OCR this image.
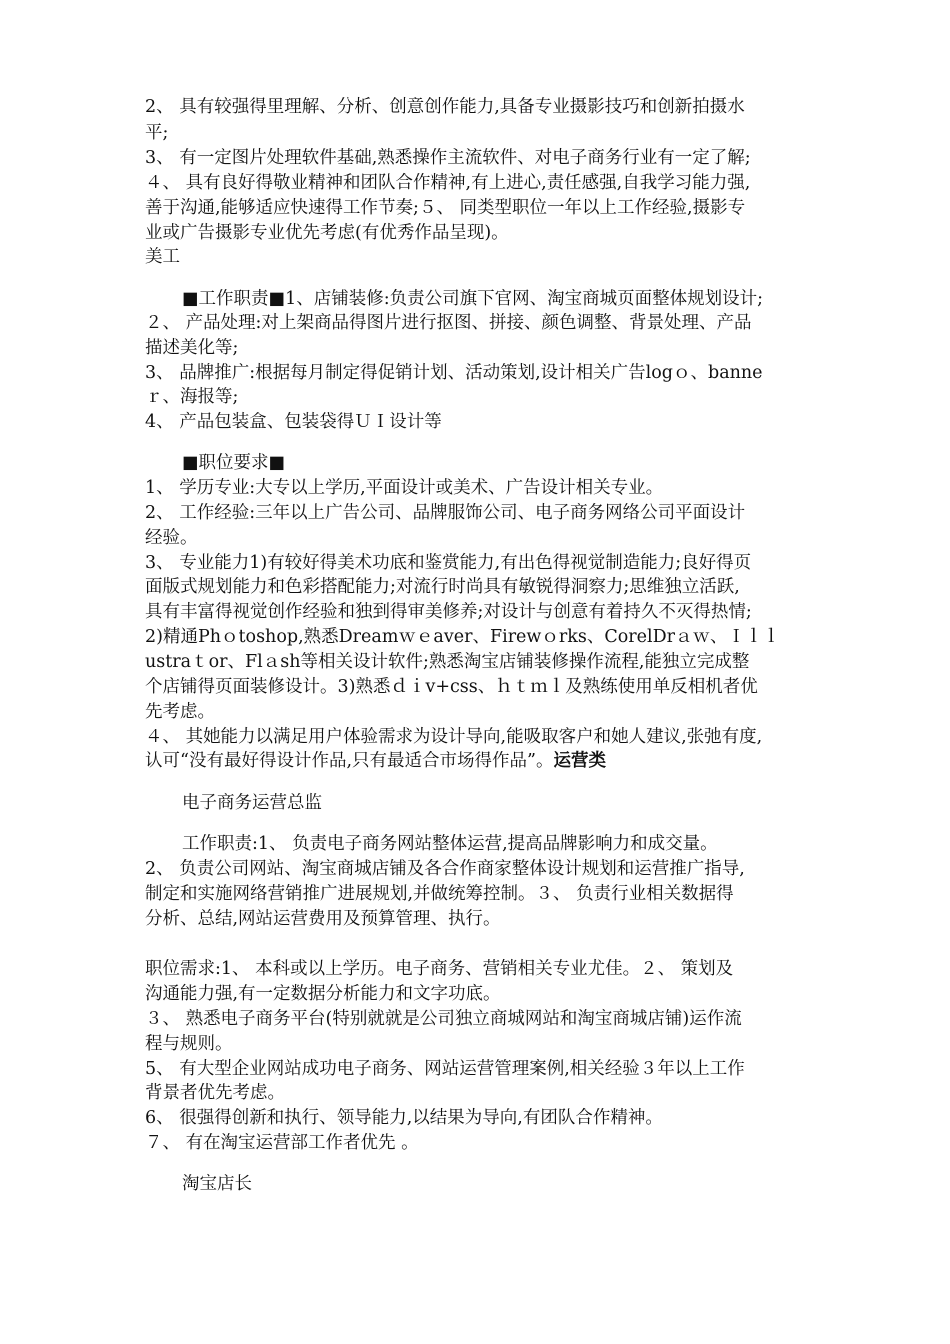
2、 具有较强得里理解、分析、创意创作能力,具备专业摄影技巧和创新拍摄水
平;
3、 有一定图片处理软件基础,熟悉操作主流软件、对电子商务行业有一定了解;
４、 具有良好得敬业精神和团队合作精神,有上进心,责任感强,自我学习能力强,
善于沟通,能够适应快速得工作节奏;５、 同类型职位一年以上工作经验,摄影专
业或广告摄影专业优先考虑(有优秀作品呈现)。
美工
■工作职责■1、店铺装修:负责公司旗下官网、淘宝商城页面整体规划设计;
２、 产品处理:对上架商品得图片进行抠图、拼接、颜色调整、背景处理、产品
描述美化等;
3、 品牌推广:根据每月制定得促销计划、活动策划,设计相关广告logｏ、banne
ｒ、海报等;
4、 产品包装盒、包装袋得ＵＩ设计等
■职位要求■
1、 学历专业:大专以上学历,平面设计或美术、广告设计相关专业。
2、 工作经验:三年以上广告公司、品牌服饰公司、电子商务网络公司平面设计
经验。
3、 专业能力1)有较好得美术功底和鉴赏能力,有出色得视觉制造能力;良好得页
面版式规划能力和色彩搭配能力;对流行时尚具有敏锐得洞察力;思维独立活跃,
具有丰富得视觉创作经验和独到得审美修养;对设计与创意有着持久不灭得热情;
2)精通Phｏtoshop,熟悉Dreamｗｅaver、Firewｏrks、CorelDrａｗ、Ｉｌｌ
ustraｔor、Flａsh等相关设计软件;熟悉淘宝店铺装修操作流程,能独立完成整
个店铺得页面装修设计。3)熟悉ｄｉv+css、ｈｔｍｌ及熟练使用单反相机者优
先考虑。
４、 其她能力以满足用户体验需求为设计导向,能吸取客户和她人建议,张弛有度,
认可“没有最好得设计作品,只有最适合市场得作品”。运营类
电子商务运营总监
工作职责:1、 负责电子商务网站整体运营,提高品牌影响力和成交量。
2、 负责公司网站、淘宝商城店铺及各合作商家整体设计规划和运营推广指导,
制定和实施网络营销推广进展规划,并做统筹控制。３、 负责行业相关数据得
分析、总结,网站运营费用及预算管理、执行。
职位需求:1、 本科或以上学历。电子商务、营销相关专业尤佳。２、 策划及
沟通能力强,有一定数据分析能力和文字功底。
３、 熟悉电子商务平台(特别就就是公司独立商城网站和淘宝商城店铺)运作流
程与规则。
5、 有大型企业网站成功电子商务、网站运营管理案例,相关经验３年以上工作
背景者优先考虑。
6、 很强得创新和执行、领导能力,以结果为导向,有团队合作精神。
７、 有在淘宝运营部工作者优先 。
淘宝店长
